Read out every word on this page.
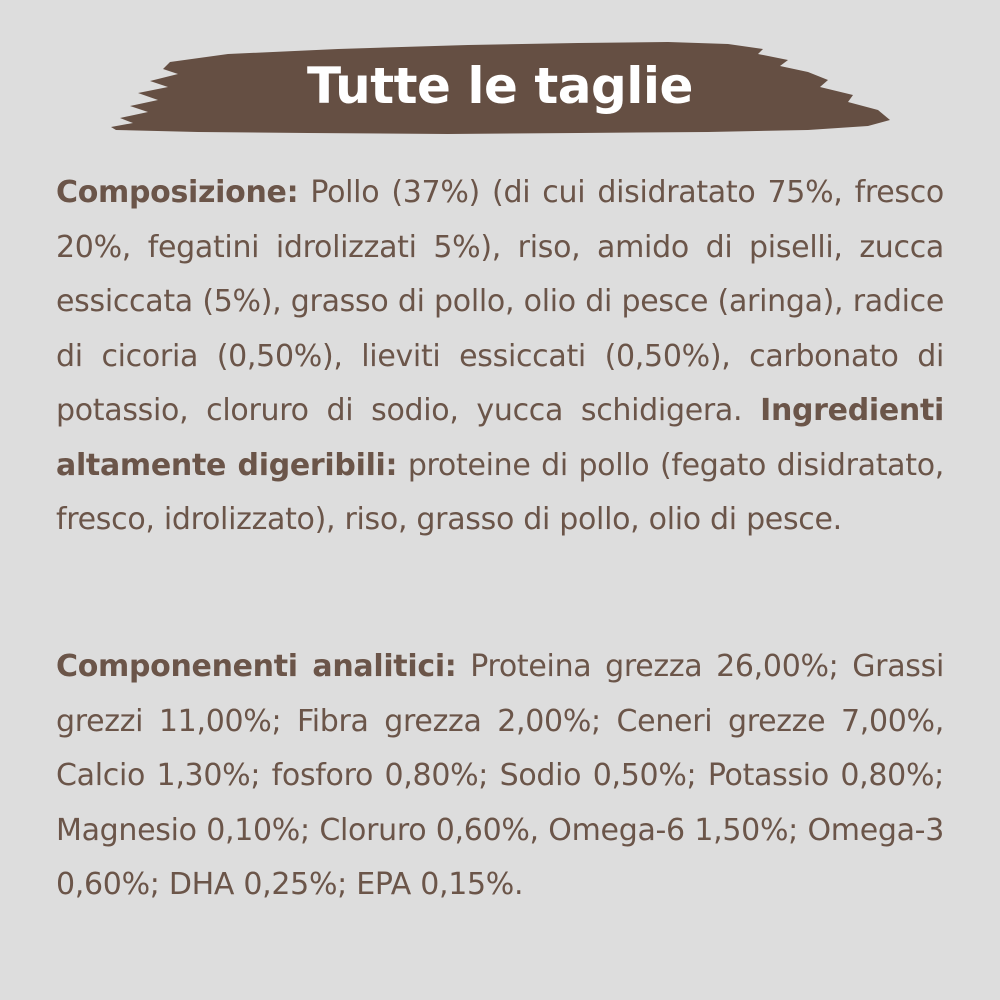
Tutte le taglie
Composizione: Pollo (37%) (di cui disidratato 75%, fresco 20%, fegatini idrolizzati 5%), riso, amido di piselli, zucca essiccata (5%), grasso di pollo, olio di pesce (aringa), radice di cicoria (0,50%), lieviti essiccati (0,50%), carbonato di potassio, cloruro di sodio, yucca schidigera. Ingredienti altamente digeribili: proteine di pollo (fegato disidratato, fresco, idrolizzato), riso, grasso di pollo, olio di pesce.
Componenenti analitici: Proteina grezza 26,00%; Grassi grezzi 11,00%; Fibra grezza 2,00%; Ceneri grezze 7,00%, Calcio 1,30%; fosforo 0,80%; Sodio 0,50%; Potassio 0,80%; Magnesio 0,10%; Cloruro 0,60%, Omega-6 1,50%; Omega-3 0,60%; DHA 0,25%; EPA 0,15%.
